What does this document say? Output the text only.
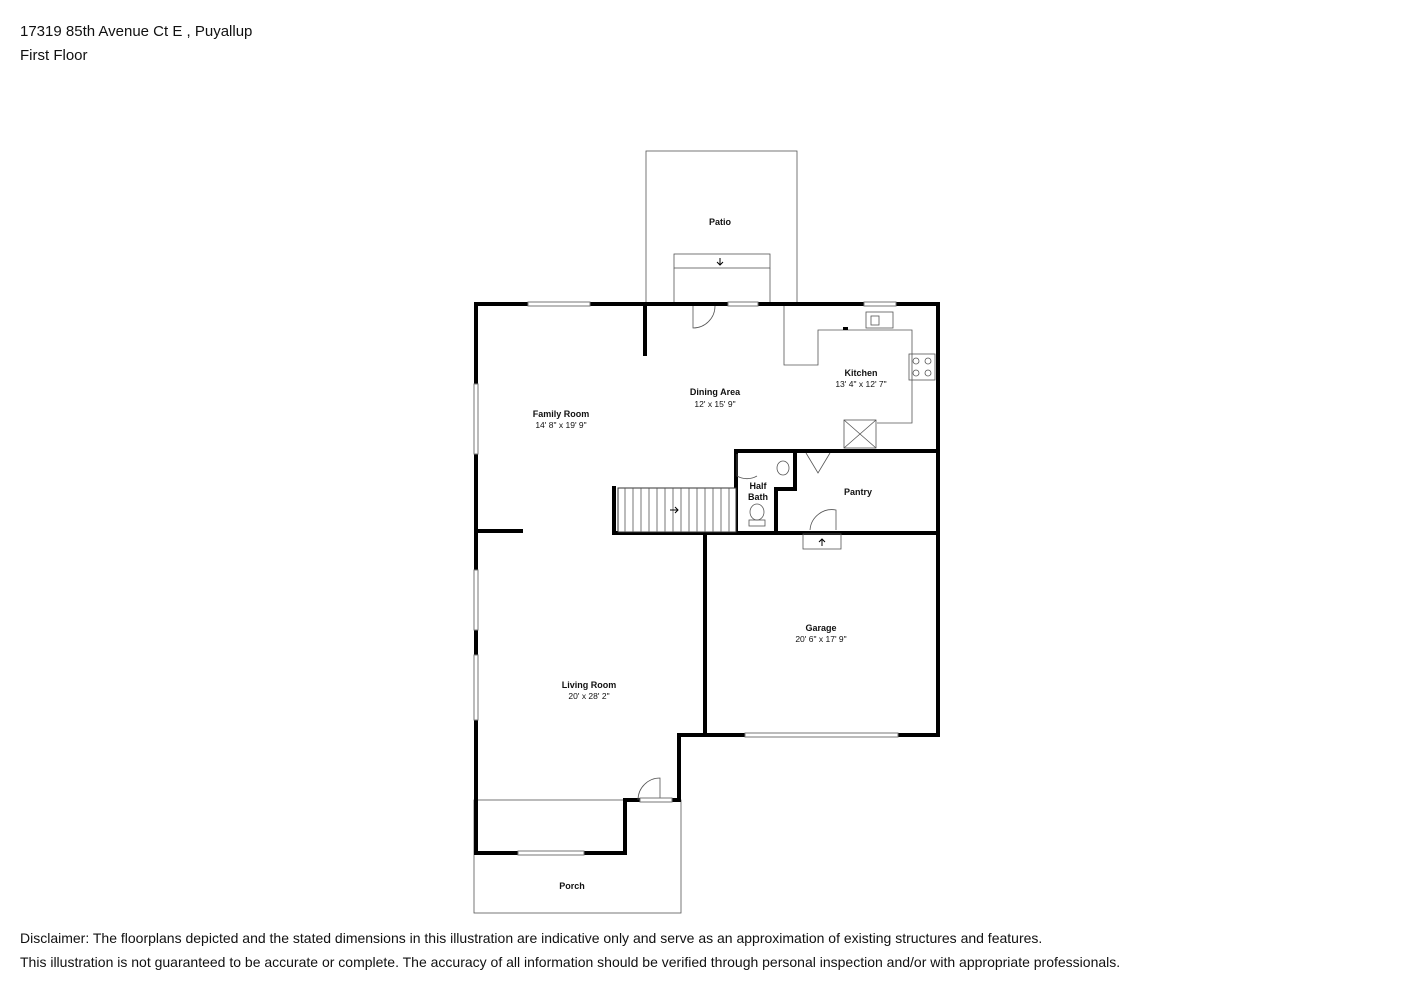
17319 85th Avenue Ct E , Puyallup
First Floor
Patio
Kitchen
13' 4" x 12' 7"
Dining Area
12' x 15' 9"
Family Room
14' 8" x 19' 9"
Half
Bath	Pantry
Garage
20' 6" x 17' 9"
Living Room
20' x 28' 2"
Porch
Disclaimer: The floorplans depicted and the stated dimensions in this illustration are indicative only and serve as an approximation of existing structures and features.
This illustration is not guaranteed to be accurate or complete. The accuracy of all information should be verified through personal inspection and/or with appropriate professionals.
